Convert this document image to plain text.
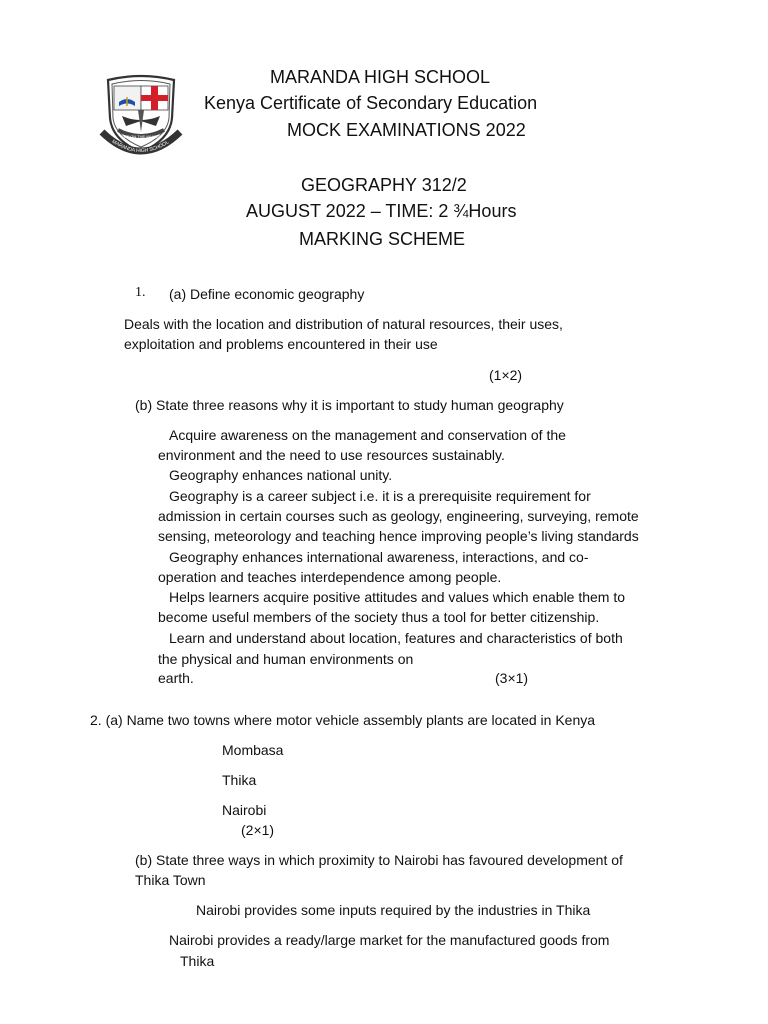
PUT ON THE WHOLE
MARANDA HIGH SCHOOL
MARANDA HIGH SCHOOL
Kenya Certificate of Secondary Education
MOCK EXAMINATIONS 2022
GEOGRAPHY 312/2
AUGUST 2022 – TIME: 2 ¾Hours
MARKING SCHEME
1. (a) Define economic geography
Deals with the location and distribution of natural resources, their uses,
exploitation and problems encountered in their use
(1×2)
(b) State three reasons why it is important to study human geography
Acquire awareness on the management and conservation of the
environment and the need to use resources sustainably.
Geography enhances national unity.
Geography is a career subject i.e. it is a prerequisite requirement for
admission in certain courses such as geology, engineering, surveying, remote
sensing, meteorology and teaching hence improving people’s living standards
Geography enhances international awareness, interactions, and co-
operation and teaches interdependence among people.
Helps learners acquire positive attitudes and values which enable them to
become useful members of the society thus a tool for better citizenship.
Learn and understand about location, features and characteristics of both
the physical and human environments on
earth.	(3×1)
2. (a) Name two towns where motor vehicle assembly plants are located in Kenya
Mombasa
Thika
Nairobi
(2×1)
(b) State three ways in which proximity to Nairobi has favoured development of
Thika Town
Nairobi provides some inputs required by the industries in Thika
Nairobi provides a ready/large market for the manufactured goods from
Thika
